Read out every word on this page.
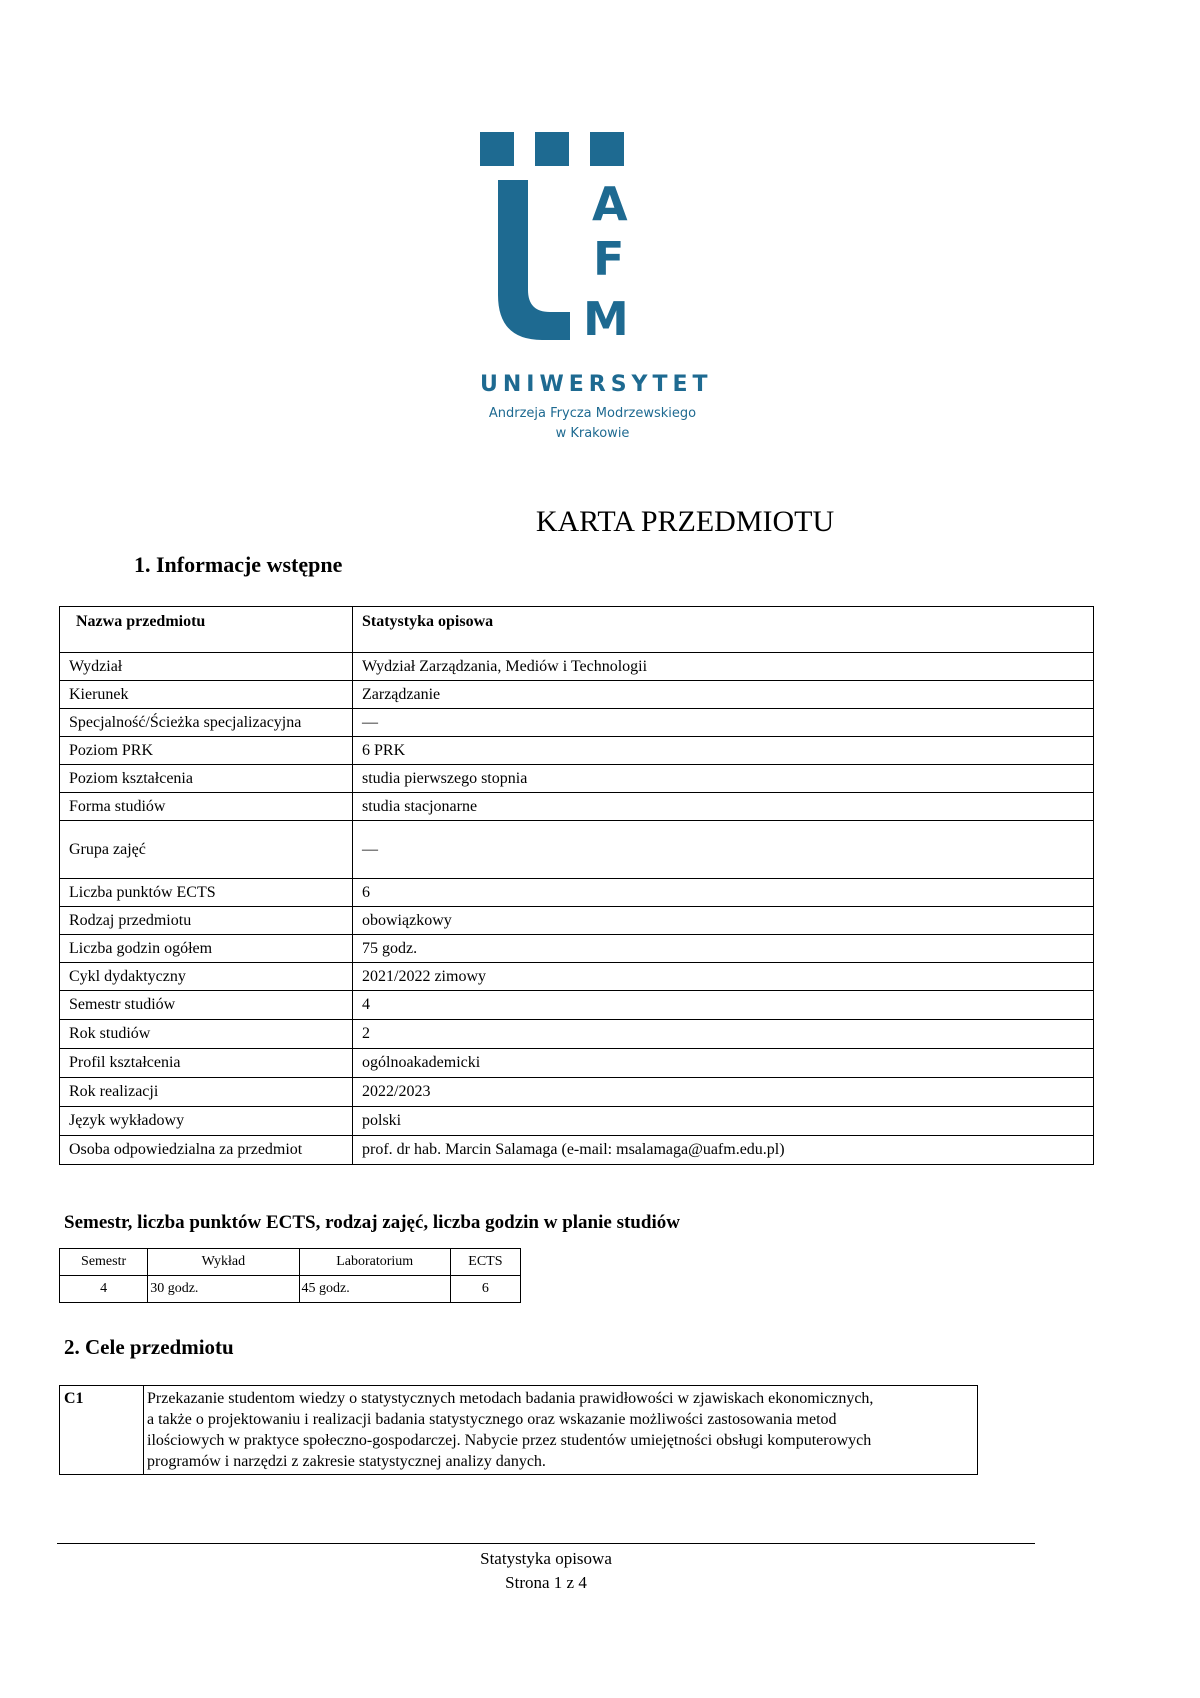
A
F
M
UNIWERSYTET
Andrzeja Frycza Modrzewskiego
w Krakowie
KARTA PRZEDMIOTU
1. Informacje wstępne
Nazwa przedmiotu	Statystyka opisowa
Wydział	Wydział Zarządzania, Mediów i Technologii
Kierunek	Zarządzanie
Specjalność/Ścieżka specjalizacyjna	—
Poziom PRK	6 PRK
Poziom kształcenia	studia pierwszego stopnia
Forma studiów	studia stacjonarne
Grupa zajęć	—
Liczba punktów ECTS	6
Rodzaj przedmiotu	obowiązkowy
Liczba godzin ogółem	75 godz.
Cykl dydaktyczny	2021/2022 zimowy
Semestr studiów	4
Rok studiów	2
Profil kształcenia	ogólnoakademicki
Rok realizacji	2022/2023
Język wykładowy	polski
Osoba odpowiedzialna za przedmiot	prof. dr hab. Marcin Salamaga (e-mail: msalamaga@uafm.edu.pl)
Semestr, liczba punktów ECTS, rodzaj zajęć, liczba godzin w planie studiów
Semestr	Wykład	Laboratorium	ECTS
4	30 godz.	45 godz.	6
2. Cele przedmiotu
C1	Przekazanie studentom wiedzy o statystycznych metodach badania prawidłowości w zjawiskach ekonomicznych,
a także o projektowaniu i realizacji badania statystycznego oraz wskazanie możliwości zastosowania metod
ilościowych w praktyce społeczno-gospodarczej. Nabycie przez studentów umiejętności obsługi komputerowych
programów i narzędzi z zakresie statystycznej analizy danych.
Statystyka opisowa
Strona 1 z 4
